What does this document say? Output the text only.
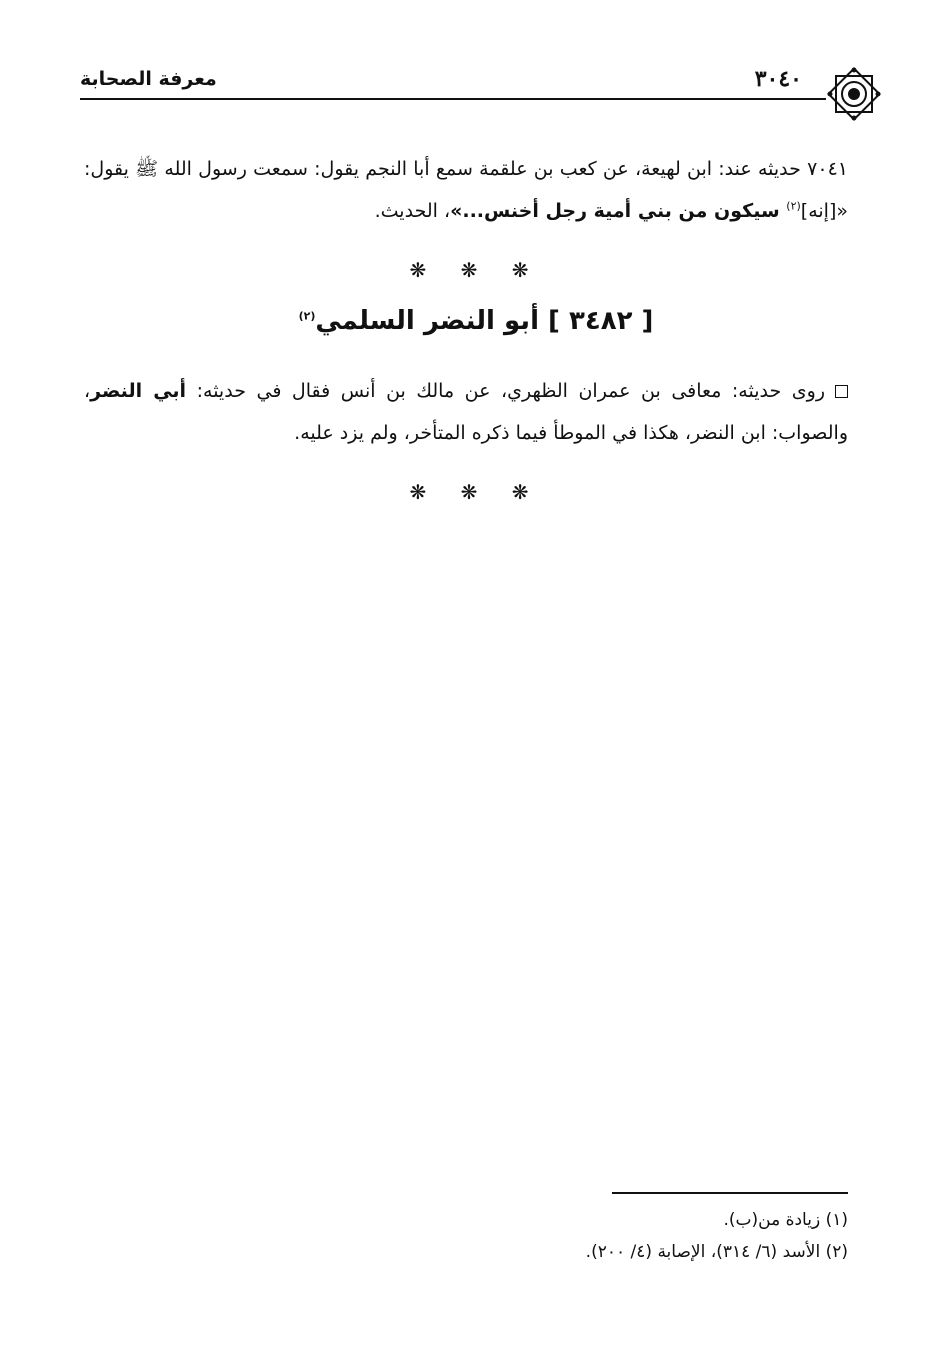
٣٠٤٠
معرفة الصحابة
٧٠٤١ حديثه عند: ابن لهيعة، عن كعب بن علقمة سمع أبا النجم يقول: سمعت رسول الله ﷺ يقول: «[إنه]$^{(٢)}$ سيكون من بني أمية رجل أخنس...»، الحديث.
❋ ❋ ❋
[ ٣٤٨٢ ] أبو النضر السلمي$^{(٢)}$
روى حديثه: معافى بن عمران الظهري، عن مالك بن أنس فقال في حديثه: أبي النضر، والصواب: ابن النضر، هكذا في الموطأ فيما ذكره المتأخر، ولم يزد عليه.
❋ ❋ ❋
(١) زيادة من(ب).
(٢) الأسد (٦/ ٣١٤)، الإصابة (٤/ ٢٠٠).
